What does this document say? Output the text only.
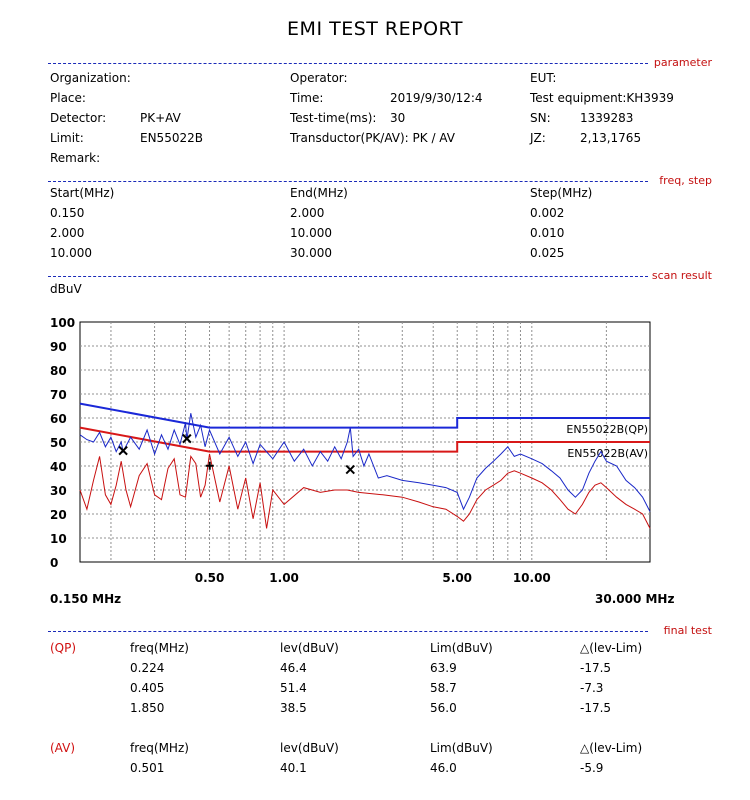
EMI TEST REPORT
parameter
Organization:	Operator:	EUT:
Place:	Time:	2019/9/30/12:4	Test equipment:KH3939
Detector:	PK+AV	Test-time(ms): 30	SN: 1339283
Limit:	EN55022B	Transductor(PK/AV): PK / AV	JZ:	2,13,1765
Remark:
freq, step
Start(MHz)	End(MHz)	Step(MHz)
0.150	2.000	0.002
2.000	10.000	0.010
10.000	30.000	0.025
scan result
dBuV
0
10
20
30
40
50
60
70
80
90
100
0.50	1.00	5.00	10.00
EN55022B(QP)
EN55022B(AV)
0.150 MHz	30.000 MHz
final test
(QP)	freq(MHz)	lev(dBuV)	Lim(dBuV)	△(lev-Lim)
0.224	46.4	63.9	-17.5
0.405	51.4	58.7	-7.3
1.850	38.5	56.0	-17.5
(AV)	freq(MHz)	lev(dBuV)	Lim(dBuV)	△(lev-Lim)
0.501	40.1	46.0	-5.9
